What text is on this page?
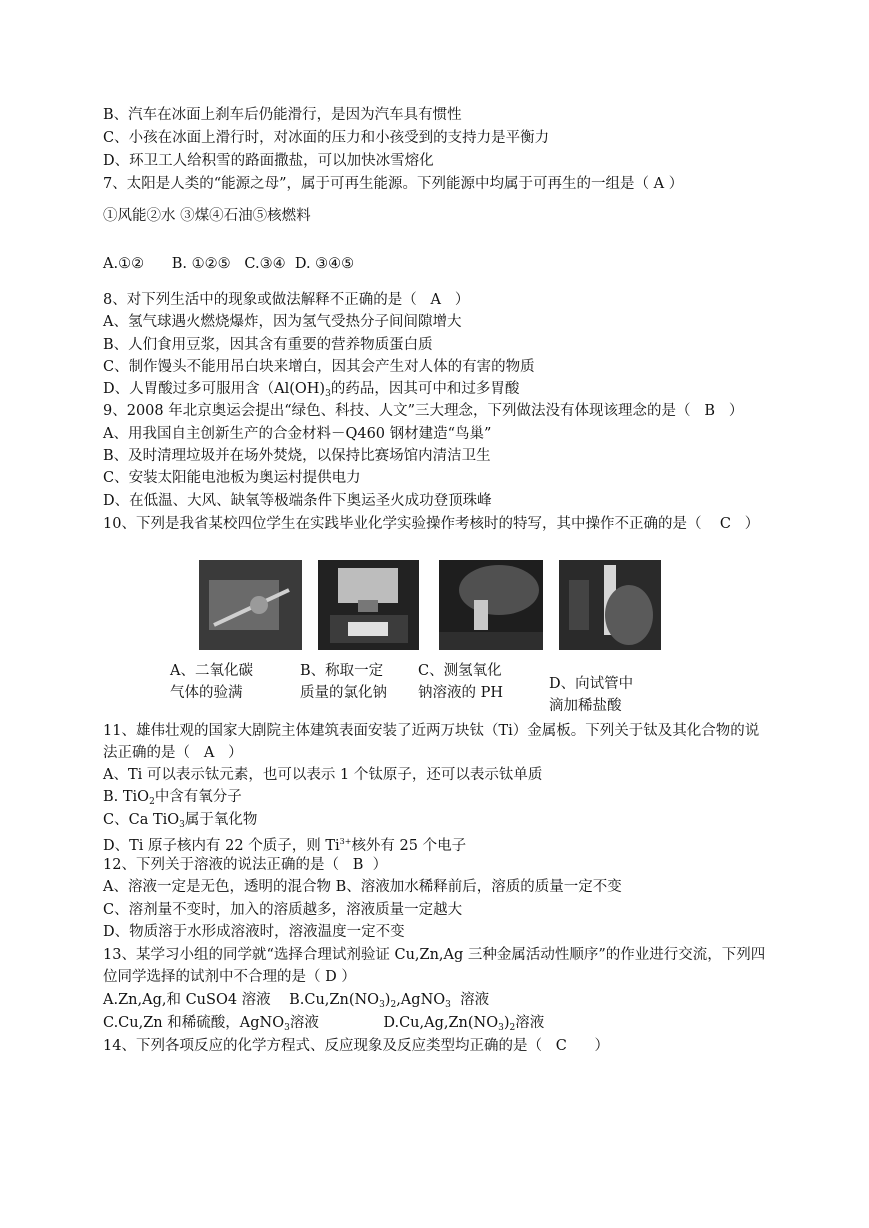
B、汽车在冰面上刹车后仍能滑行，是因为汽车具有惯性
C、小孩在冰面上滑行时，对冰面的压力和小孩受到的支持力是平衡力
D、环卫工人给积雪的路面撒盐，可以加快冰雪熔化
7、太阳是人类的“能源之母”，属于可再生能源。下列能源中均属于可再生的一组是（ A ）
①风能②水 ③煤④石油⑤核燃料
A.①②      B. ①②⑤   C.③④  D. ③④⑤
8、对下列生活中的现象或做法解释不正确的是（   A   ）
A、氢气球遇火燃烧爆炸，因为氢气受热分子间间隙增大
B、人们食用豆浆，因其含有重要的营养物质蛋白质
C、制作馒头不能用吊白块来增白，因其会产生对人体的有害的物质
D、人胃酸过多可服用含（$Al(OH)_3$的药品，因其可中和过多胃酸
9、2008 年北京奥运会提出“绿色、科技、人文”三大理念，下列做法没有体现该理念的是（   B   ）
A、用我国自主创新生产的合金材料－Q460 钢材建造“鸟巢”
B、及时清理垃圾并在场外焚烧，以保持比赛场馆内清洁卫生
C、安装太阳能电池板为奥运村提供电力
D、在低温、大风、缺氧等极端条件下奥运圣火成功登顶珠峰
10、下列是我省某校四位学生在实践毕业化学实验操作考核时的特写，其中操作不正确的是（    C   ）
A、二氧化碳
气体的验满
B、称取一定
质量的氯化钠
C、测氢氧化
钠溶液的 PH
D、向试管中
滴加稀盐酸
11、雄伟壮观的国家大剧院主体建筑表面安装了近两万块钛（Ti）金属板。下列关于钛及其化合物的说法正确的是（   A   ）
A、Ti 可以表示钛元素，也可以表示 1 个钛原子，还可以表示钛单质
B. TiO$_2$中含有氧分子
C、Ca TiO$_3$属于氧化物
D、Ti 原子核内有 22 个质子，则 $Ti^{3+}$核外有 25 个电子
12、下列关于溶液的说法正确的是（   B  ）
A、溶液一定是无色，透明的混合物 B、溶液加水稀释前后，溶质的质量一定不变
C、溶剂量不变时，加入的溶质越多，溶液质量一定越大
D、物质溶于水形成溶液时，溶液温度一定不变
13、某学习小组的同学就“选择合理试剂验证 Cu,Zn,Ag 三种金属活动性顺序”的作业进行交流，下列四位同学选择的试剂中不合理的是（ D ）
A.Zn,Ag,和 CuSO4 溶液    $B.Cu,Zn(NO_3)_2,AgNO_3$  溶液
C.Cu,Zn 和稀硫酸，AgNO$_3$溶液              $D.Cu,Ag,Zn(NO_3)_2$溶液
14、下列各项反应的化学方程式、反应现象及反应类型均正确的是（   C      ）
